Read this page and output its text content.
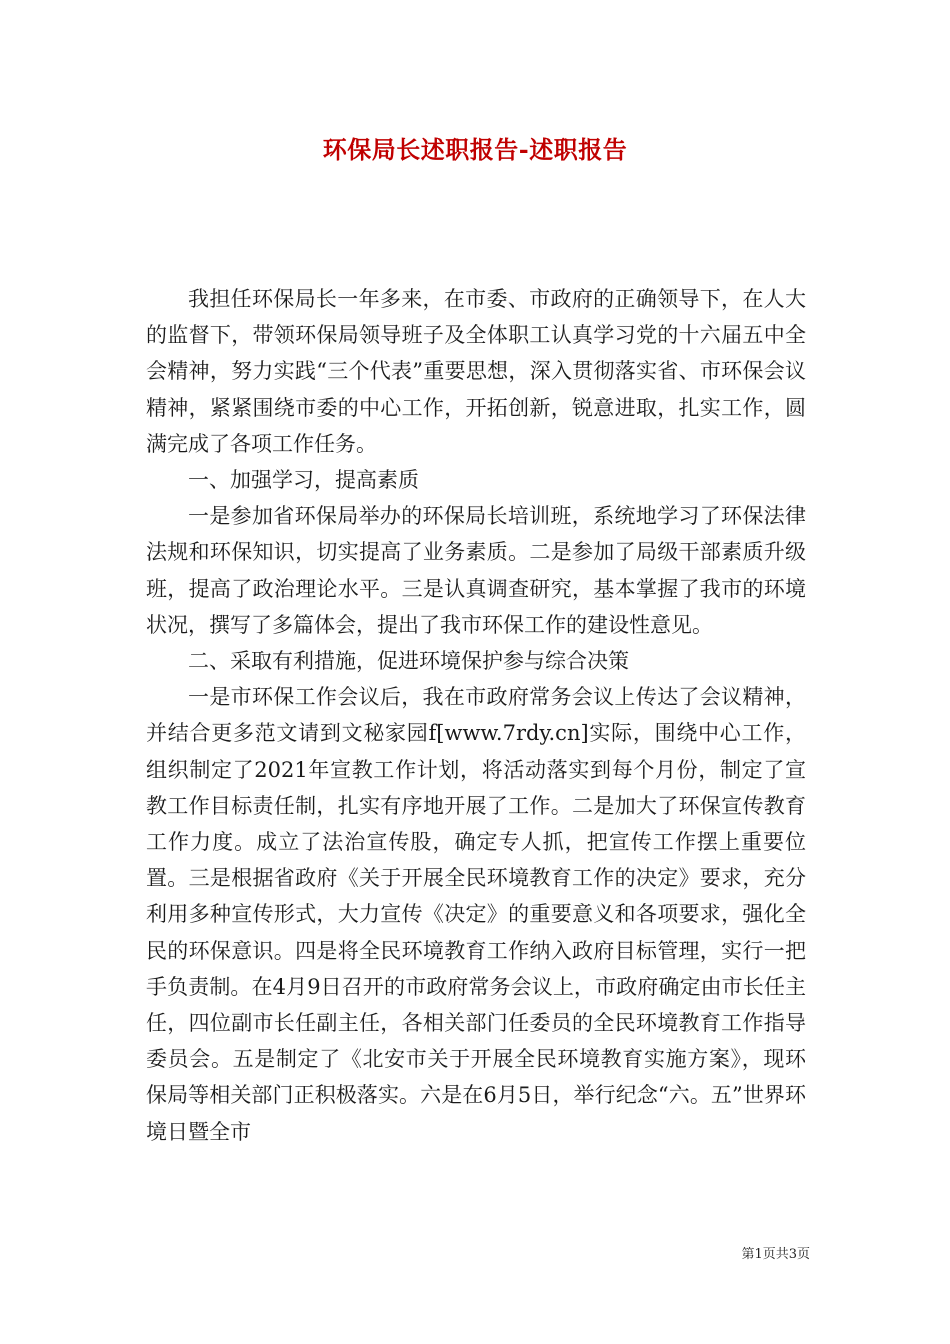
环保局长述职报告-述职报告

我担任环保局长一年多来，在市委、市政府的正确领导下，在人大的监督下，带领环保局领导班子及全体职工认真学习党的十六届五中全会精神，努力实践“三个代表”重要思想，深入贯彻落实省、市环保会议精神，紧紧围绕市委的中心工作，开拓创新，锐意进取，扎实工作，圆满完成了各项工作任务。

一、加强学习，提高素质

一是参加省环保局举办的环保局长培训班，系统地学习了环保法律法规和环保知识，切实提高了业务素质。二是参加了局级干部素质升级班，提高了政治理论水平。三是认真调查研究，基本掌握了我市的环境状况，撰写了多篇体会，提出了我市环保工作的建设性意见。

二、采取有利措施，促进环境保护参与综合决策

一是市环保工作会议后，我在市政府常务会议上传达了会议精神，并结合更多范文请到文秘家园f[www.7rdy.cn]实际，围绕中心工作，组织制定了2021年宣教工作计划，将活动落实到每个月份，制定了宣教工作目标责任制，扎实有序地开展了工作。二是加大了环保宣传教育工作力度。成立了法治宣传股，确定专人抓，把宣传工作摆上重要位置。三是根据省政府《关于开展全民环境教育工作的决定》要求，充分利用多种宣传形式，大力宣传《决定》的重要意义和各项要求，强化全民的环保意识。四是将全民环境教育工作纳入政府目标管理，实行一把手负责制。在4月9日召开的市政府常务会议上，市政府确定由市长任主任，四位副市长任副主任，各相关部门任委员的全民环境教育工作指导委员会。五是制定了《北安市关于开展全民环境教育实施方案》，现环保局等相关部门正积极落实。六是在6月5日，举行纪念“六。五”世界环境日暨全市

第1页共3页
